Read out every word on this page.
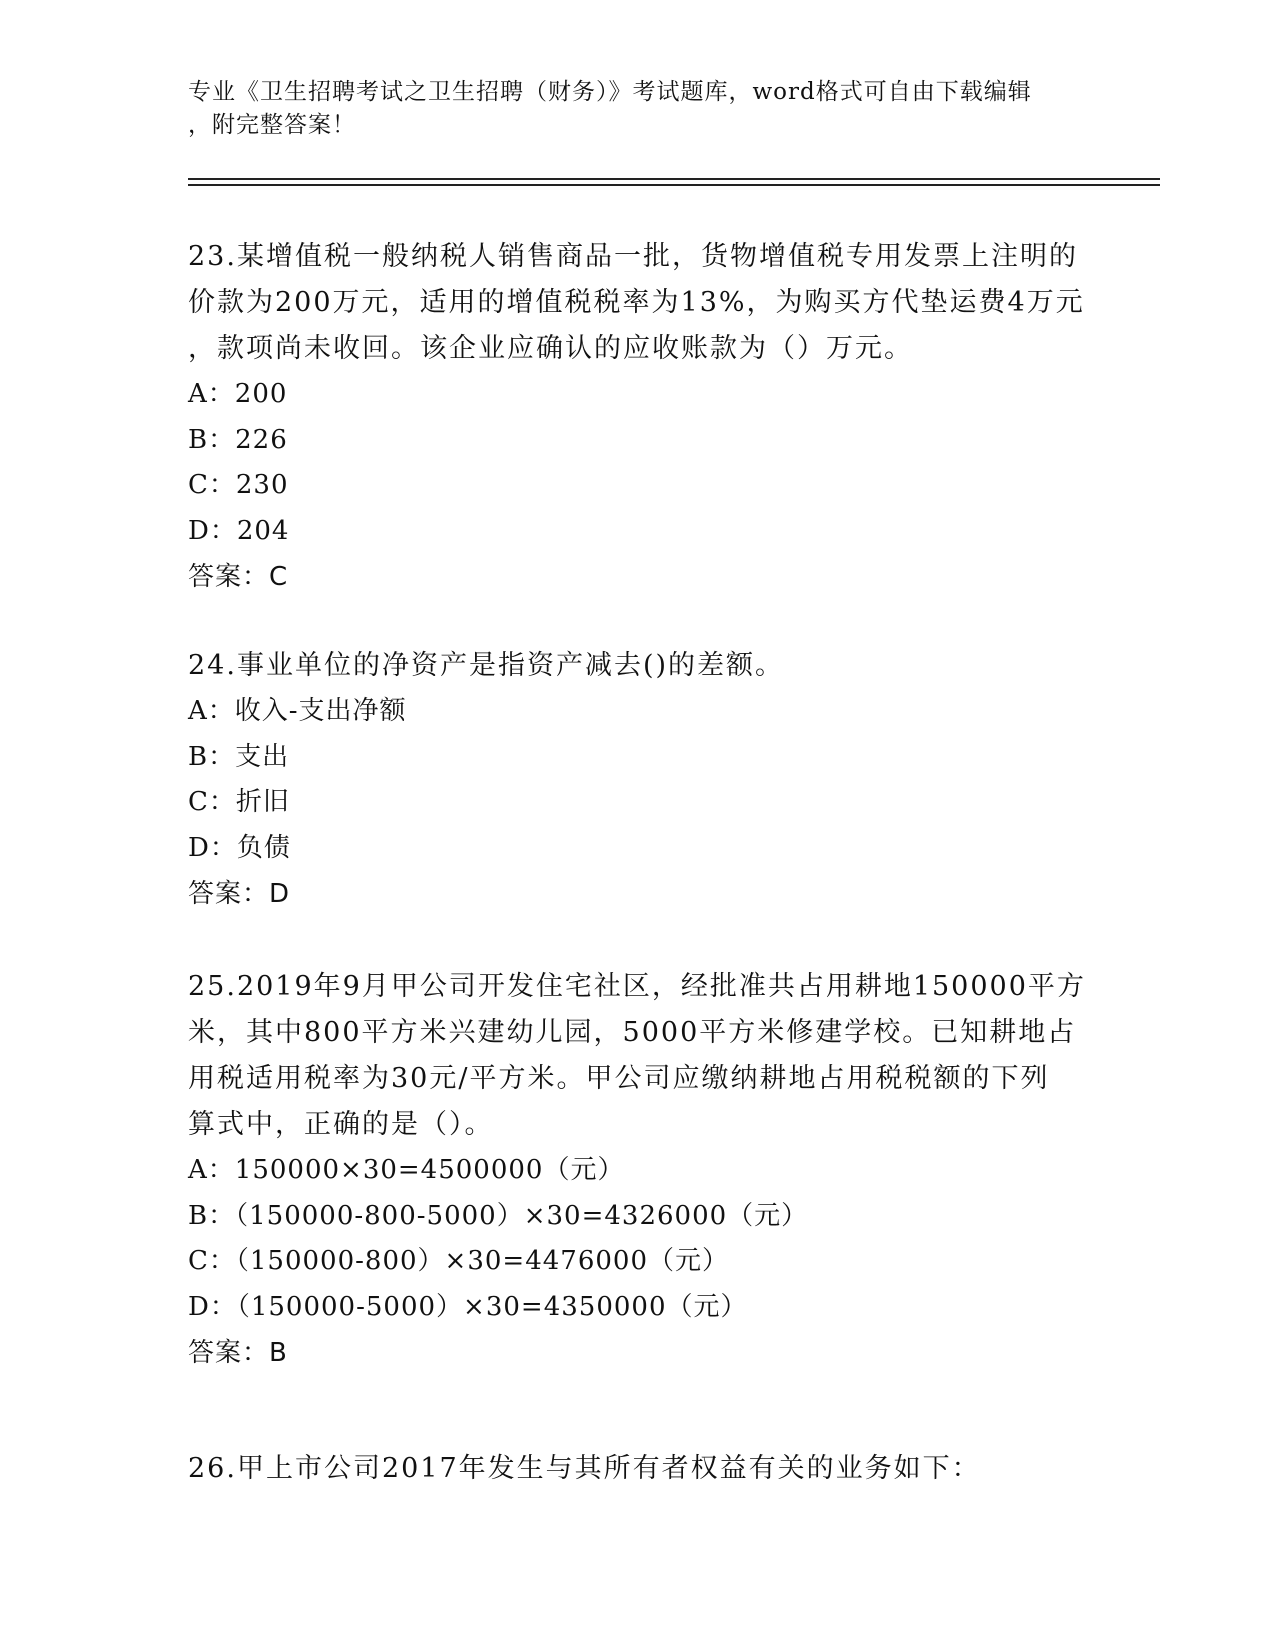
专业《卫生招聘考试之卫生招聘（财务）》考试题库，word格式可自由下载编辑
，附完整答案！

23.某增值税一般纳税人销售商品一批，货物增值税专用发票上注明的
价款为200万元，适用的增值税税率为13%，为购买方代垫运费4万元
，款项尚未收回。该企业应确认的应收账款为（）万元。

A：200

B：226

C：230

D：204

答案：C

24.事业单位的净资产是指资产减去()的差额。

A：收入-支出净额

B：支出

C：折旧

D：负债

答案：D

25.2019年9月甲公司开发住宅社区，经批准共占用耕地150000平方
米，其中800平方米兴建幼儿园，5000平方米修建学校。已知耕地占
用税适用税率为30元/平方米。甲公司应缴纳耕地占用税税额的下列
算式中，正确的是（）。

A：150000×30=4500000（元）

B：（150000-800-5000）×30=4326000（元）

C：（150000-800）×30=4476000（元）

D：（150000-5000）×30=4350000（元）

答案：B

26.甲上市公司2017年发生与其所有者权益有关的业务如下：
